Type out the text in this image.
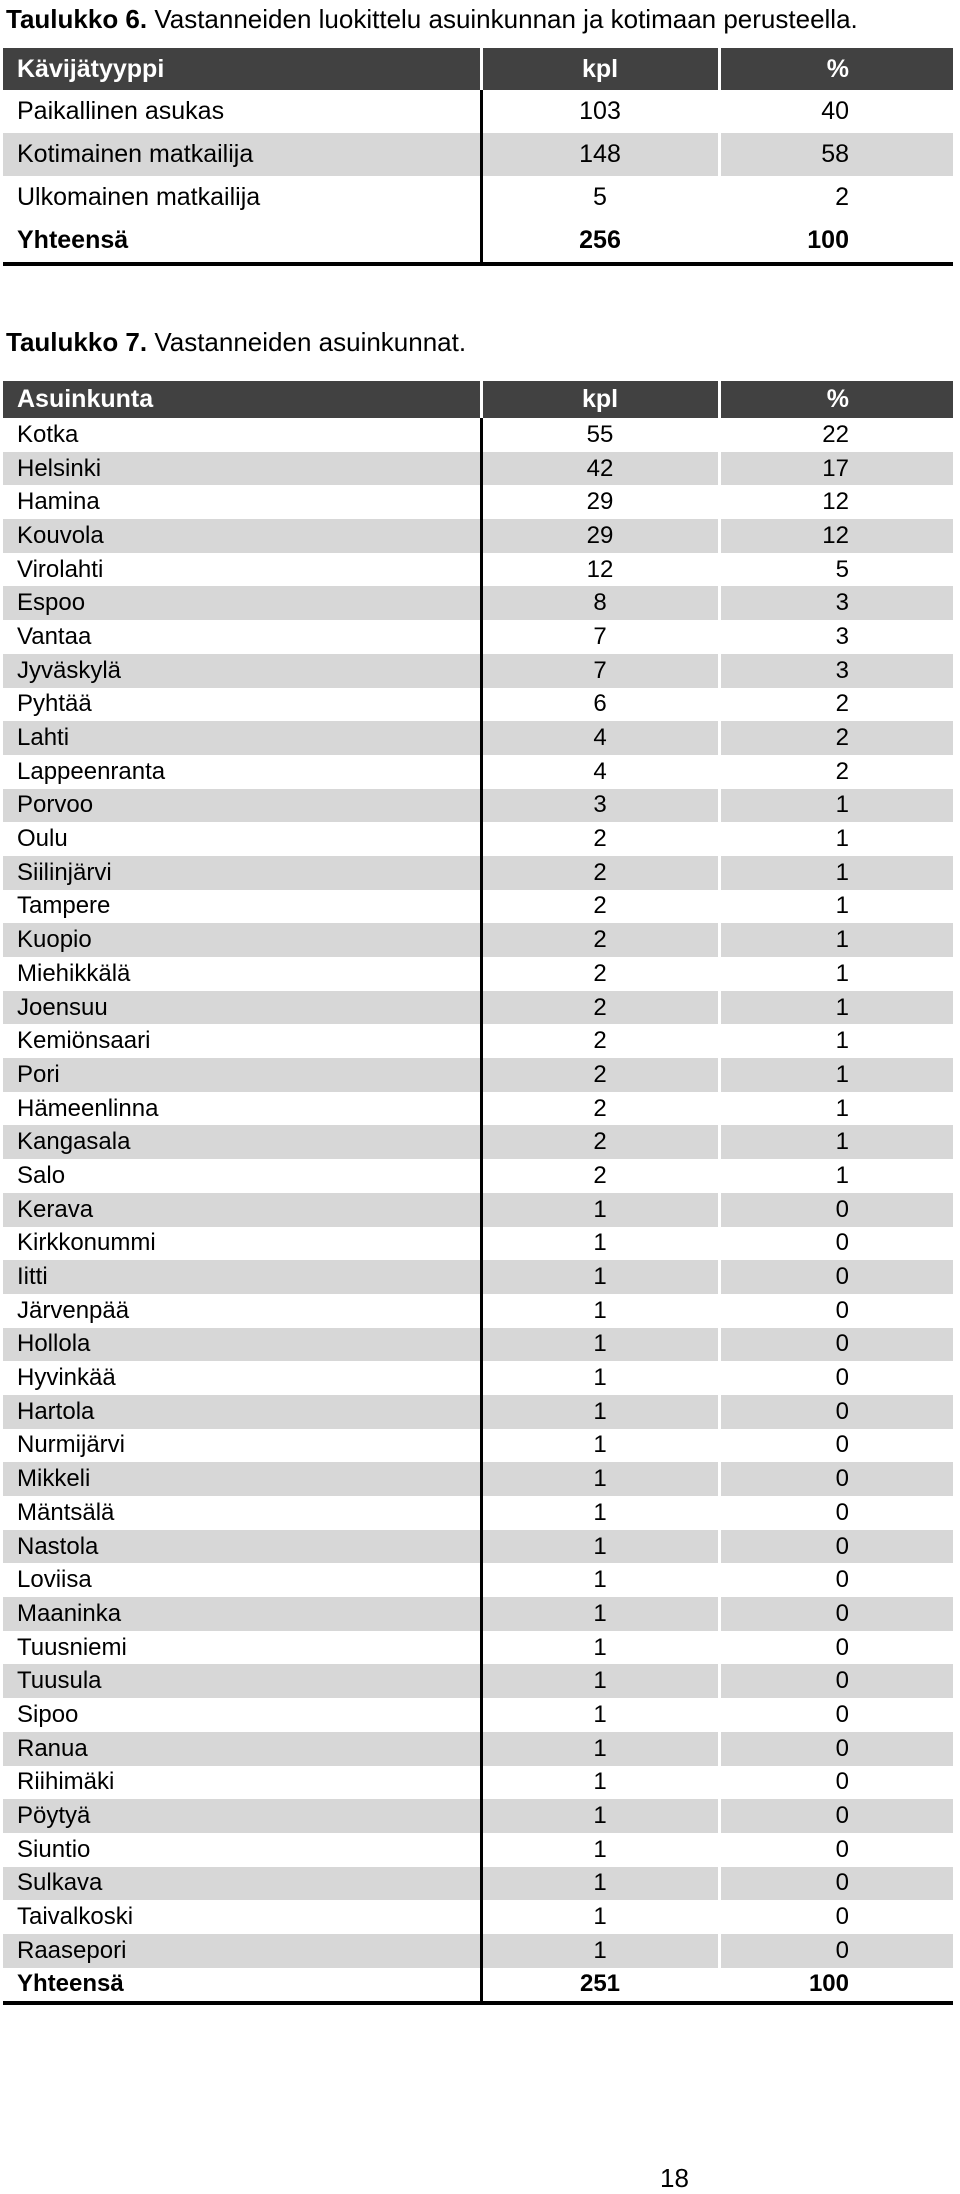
Taulukko 6. Vastanneiden luokittelu asuinkunnan ja kotimaan perusteella.
Kävijätyyppi	kpl	%
Paikallinen asukas	103	40
Kotimainen matkailija	148	58
Ulkomainen matkailija	5	2
Yhteensä	256	100
Taulukko 7. Vastanneiden asuinkunnat.
Asuinkunta	kpl	%
Kotka	55	22
Helsinki	42	17
Hamina	29	12
Kouvola	29	12
Virolahti	12	5
Espoo	8	3
Vantaa	7	3
Jyväskylä	7	3
Pyhtää	6	2
Lahti	4	2
Lappeenranta	4	2
Porvoo	3	1
Oulu	2	1
Siilinjärvi	2	1
Tampere	2	1
Kuopio	2	1
Miehikkälä	2	1
Joensuu	2	1
Kemiönsaari	2	1
Pori	2	1
Hämeenlinna	2	1
Kangasala	2	1
Salo	2	1
Kerava	1	0
Kirkkonummi	1	0
Iitti	1	0
Järvenpää	1	0
Hollola	1	0
Hyvinkää	1	0
Hartola	1	0
Nurmijärvi	1	0
Mikkeli	1	0
Mäntsälä	1	0
Nastola	1	0
Loviisa	1	0
Maaninka	1	0
Tuusniemi	1	0
Tuusula	1	0
Sipoo	1	0
Ranua	1	0
Riihimäki	1	0
Pöytyä	1	0
Siuntio	1	0
Sulkava	1	0
Taivalkoski	1	0
Raasepori	1	0
Yhteensä	251	100
18
